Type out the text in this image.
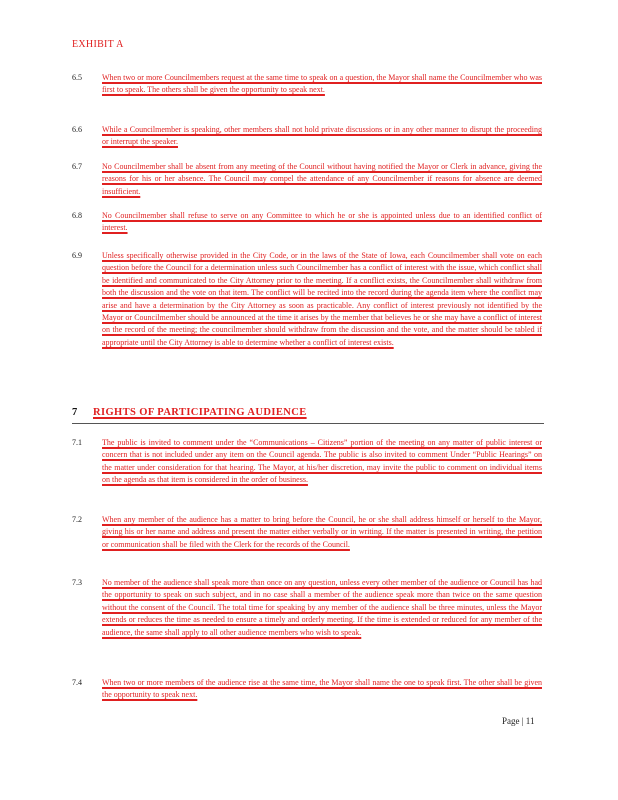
EXHIBIT A
6.5	When two or more Councilmembers request at the same time to speak on a question, the Mayor shall name the Councilmember who was first to speak. The others shall be given the opportunity to speak next.
6.6	While a Councilmember is speaking, other members shall not hold private discussions or in any other manner to disrupt the proceeding or interrupt the speaker.
6.7	No Councilmember shall be absent from any meeting of the Council without having notified the Mayor or Clerk in advance, giving the reasons for his or her absence. The Council may compel the attendance of any Councilmember if reasons for absence are deemed insufficient.
6.8	No Councilmember shall refuse to serve on any Committee to which he or she is appointed unless due to an identified conflict of interest.
6.9	Unless specifically otherwise provided in the City Code, or in the laws of the State of Iowa, each Councilmember shall vote on each question before the Council for a determination unless such Councilmember has a conflict of interest with the issue, which conflict shall be identified and communicated to the City Attorney prior to the meeting. If a conflict exists, the Councilmember shall withdraw from both the discussion and the vote on that item. The conflict will be recited into the record during the agenda item where the conflict may arise and have a determination by the City Attorney as soon as practicable. Any conflict of interest previously not identified by the Mayor or Councilmember should be announced at the time it arises by the member that believes he or she may have a conflict of interest on the record of the meeting; the councilmember should withdraw from the discussion and the vote, and the matter should be tabled if appropriate until the City Attorney is able to determine whether a conflict of interest exists.
7 RIGHTS OF PARTICIPATING AUDIENCE
7.1	The public is invited to comment under the “Communications – Citizens” portion of the meeting on any matter of public interest or concern that is not included under any item on the Council agenda. The public is also invited to comment Under “Public Hearings” on the matter under consideration for that hearing. The Mayor, at his/her discretion, may invite the public to comment on individual items on the agenda as that item is considered in the order of business.
7.2	When any member of the audience has a matter to bring before the Council, he or she shall address himself or herself to the Mayor, giving his or her name and address and present the matter either verbally or in writing. If the matter is presented in writing, the petition or communication shall be filed with the Clerk for the records of the Council.
7.3	No member of the audience shall speak more than once on any question, unless every other member of the audience or Council has had the opportunity to speak on such subject, and in no case shall a member of the audience speak more than twice on the same question without the consent of the Council. The total time for speaking by any member of the audience shall be three minutes, unless the Mayor extends or reduces the time as needed to ensure a timely and orderly meeting. If the time is extended or reduced for any member of the audience, the same shall apply to all other audience members who wish to speak.
7.4	When two or more members of the audience rise at the same time, the Mayor shall name the one to speak first. The other shall be given the opportunity to speak next.
Page | 11
